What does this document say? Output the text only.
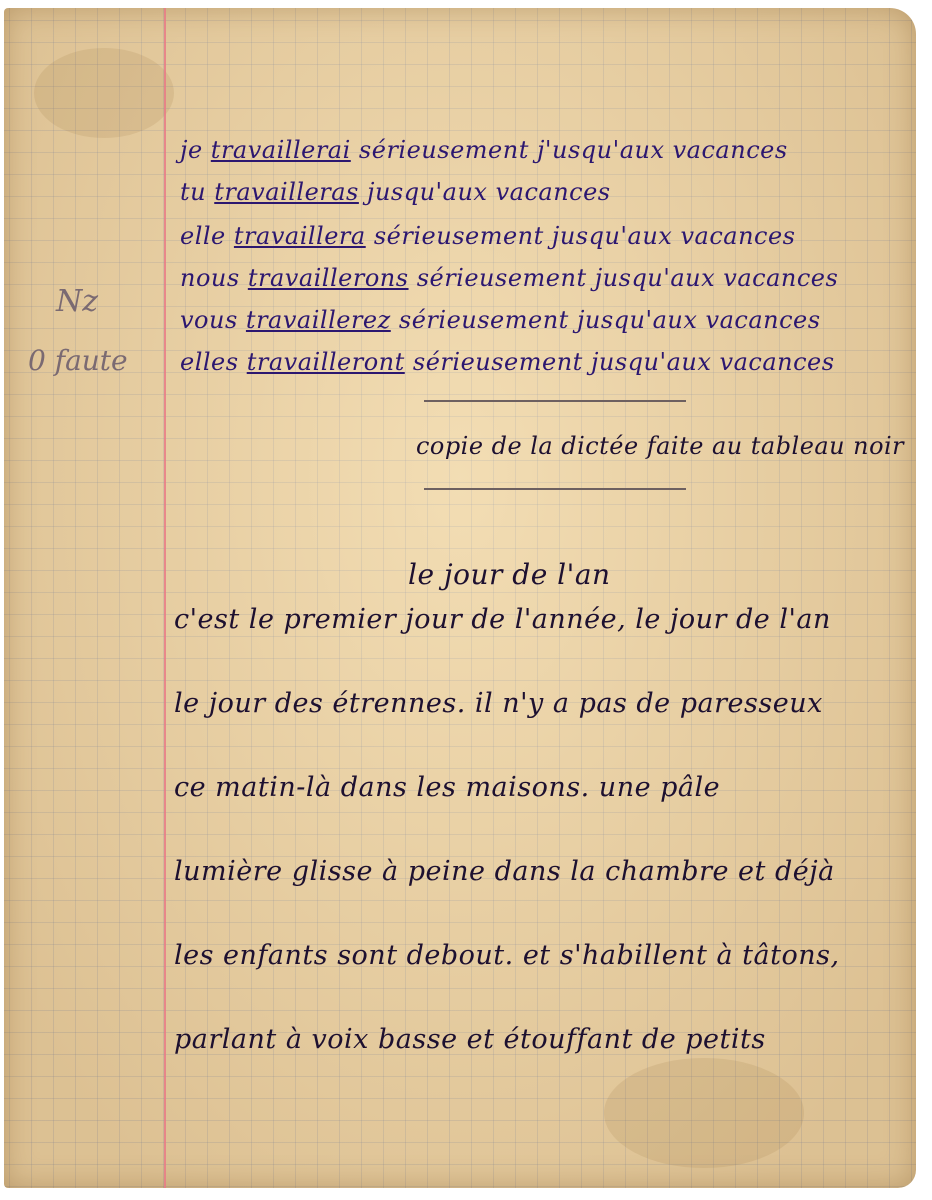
Nz
0 faute
je travaillerai sérieusement j'usqu'aux vacances
tu travailleras jusqu'aux vacances
elle travaillera sérieusement jusqu'aux vacances
nous travaillerons sérieusement jusqu'aux vacances
vous travaillerez sérieusement jusqu'aux vacances
elles travailleront sérieusement jusqu'aux vacances
copie de la dictée faite au tableau noir
le jour de l'an
c'est le premier jour de l'année, le jour de l'an
le jour des étrennes. il n'y a pas de paresseux
ce matin-là dans les maisons. une pâle
lumière glisse à peine dans la chambre et déjà
les enfants sont debout. et s'habillent à tâtons,
parlant à voix basse et étouffant de petits
